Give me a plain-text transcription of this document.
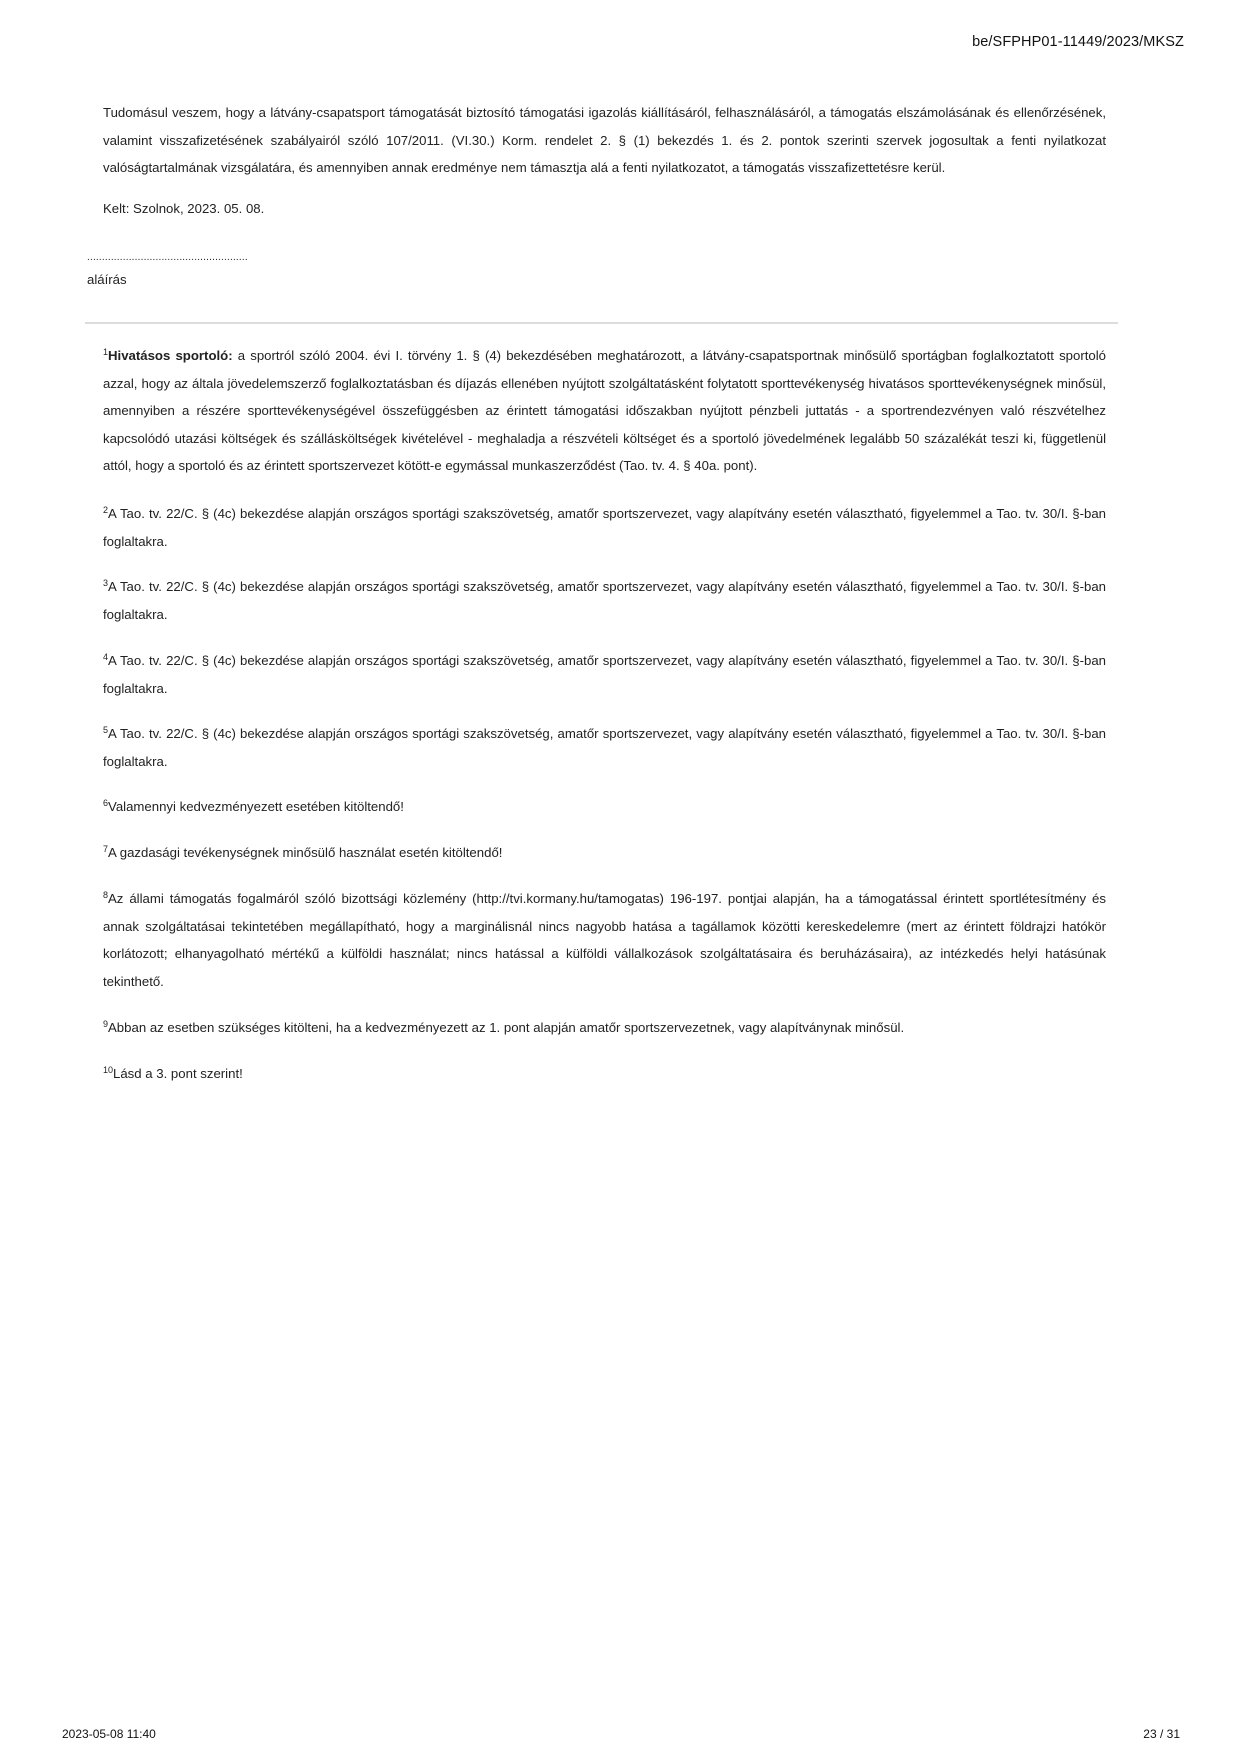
be/SFPHP01-11449/2023/MKSZ

Tudomásul veszem, hogy a látvány-csapatsport támogatását biztosító támogatási igazolás kiállításáról, felhasználásáról, a támogatás elszámolásának és ellenőrzésének, valamint visszafizetésének szabályairól szóló 107/2011. (VI.30.) Korm. rendelet 2. § (1) bekezdés 1. és 2. pontok szerinti szervek jogosultak a fenti nyilatkozat valóságtartalmának vizsgálatára, és amennyiben annak eredménye nem támasztja alá a fenti nyilatkozatot, a támogatás visszafizettetésre kerül.

Kelt: Szolnok, 2023. 05. 08.
......................................................
aláírás

$^1$Hivatásos sportoló: a sportról szóló 2004. évi I. törvény 1. § (4) bekezdésében meghatározott, a látvány-csapatsportnak minősülő sportágban foglalkoztatott sportoló azzal, hogy az általa jövedelemszerző foglalkoztatásban és díjazás ellenében nyújtott szolgáltatásként folytatott sporttevékenység hivatásos sporttevékenységnek minősül, amennyiben a részére sporttevékenységével összefüggésben az érintett támogatási időszakban nyújtott pénzbeli juttatás - a sportrendezvényen való részvételhez kapcsolódó utazási költségek és szállásköltségek kivételével - meghaladja a részvételi költséget és a sportoló jövedelmének legalább 50 százalékát teszi ki, függetlenül attól, hogy a sportoló és az érintett sportszervezet kötött-e egymással munkaszerződést (Tao. tv. 4. § 40a. pont).

$^2$A Tao. tv. 22/C. § (4c) bekezdése alapján országos sportági szakszövetség, amatőr sportszervezet, vagy alapítvány esetén választható, figyelemmel a Tao. tv. 30/I. §-ban foglaltakra.

$^3$A Tao. tv. 22/C. § (4c) bekezdése alapján országos sportági szakszövetség, amatőr sportszervezet, vagy alapítvány esetén választható, figyelemmel a Tao. tv. 30/I. §-ban foglaltakra.

$^4$A Tao. tv. 22/C. § (4c) bekezdése alapján országos sportági szakszövetség, amatőr sportszervezet, vagy alapítvány esetén választható, figyelemmel a Tao. tv. 30/I. §-ban foglaltakra.

$^5$A Tao. tv. 22/C. § (4c) bekezdése alapján országos sportági szakszövetség, amatőr sportszervezet, vagy alapítvány esetén választható, figyelemmel a Tao. tv. 30/I. §-ban foglaltakra.

$^6$Valamennyi kedvezményezett esetében kitöltendő!

$^7$A gazdasági tevékenységnek minősülő használat esetén kitöltendő!

$^8$Az állami támogatás fogalmáról szóló bizottsági közlemény (http://tvi.kormany.hu/tamogatas) 196-197. pontjai alapján, ha a támogatással érintett sportlétesítmény és annak szolgáltatásai tekintetében megállapítható, hogy a marginálisnál nincs nagyobb hatása a tagállamok közötti kereskedelemre (mert az érintett földrajzi hatókör korlátozott; elhanyagolható mértékű a külföldi használat; nincs hatással a külföldi vállalkozások szolgáltatásaira és beruházásaira), az intézkedés helyi hatásúnak tekinthető.

$^9$Abban az esetben szükséges kitölteni, ha a kedvezményezett az 1. pont alapján amatőr sportszervezetnek, vagy alapítványnak minősül.

$^{10}$Lásd a 3. pont szerint!

2023-05-08 11:40	23 / 31
